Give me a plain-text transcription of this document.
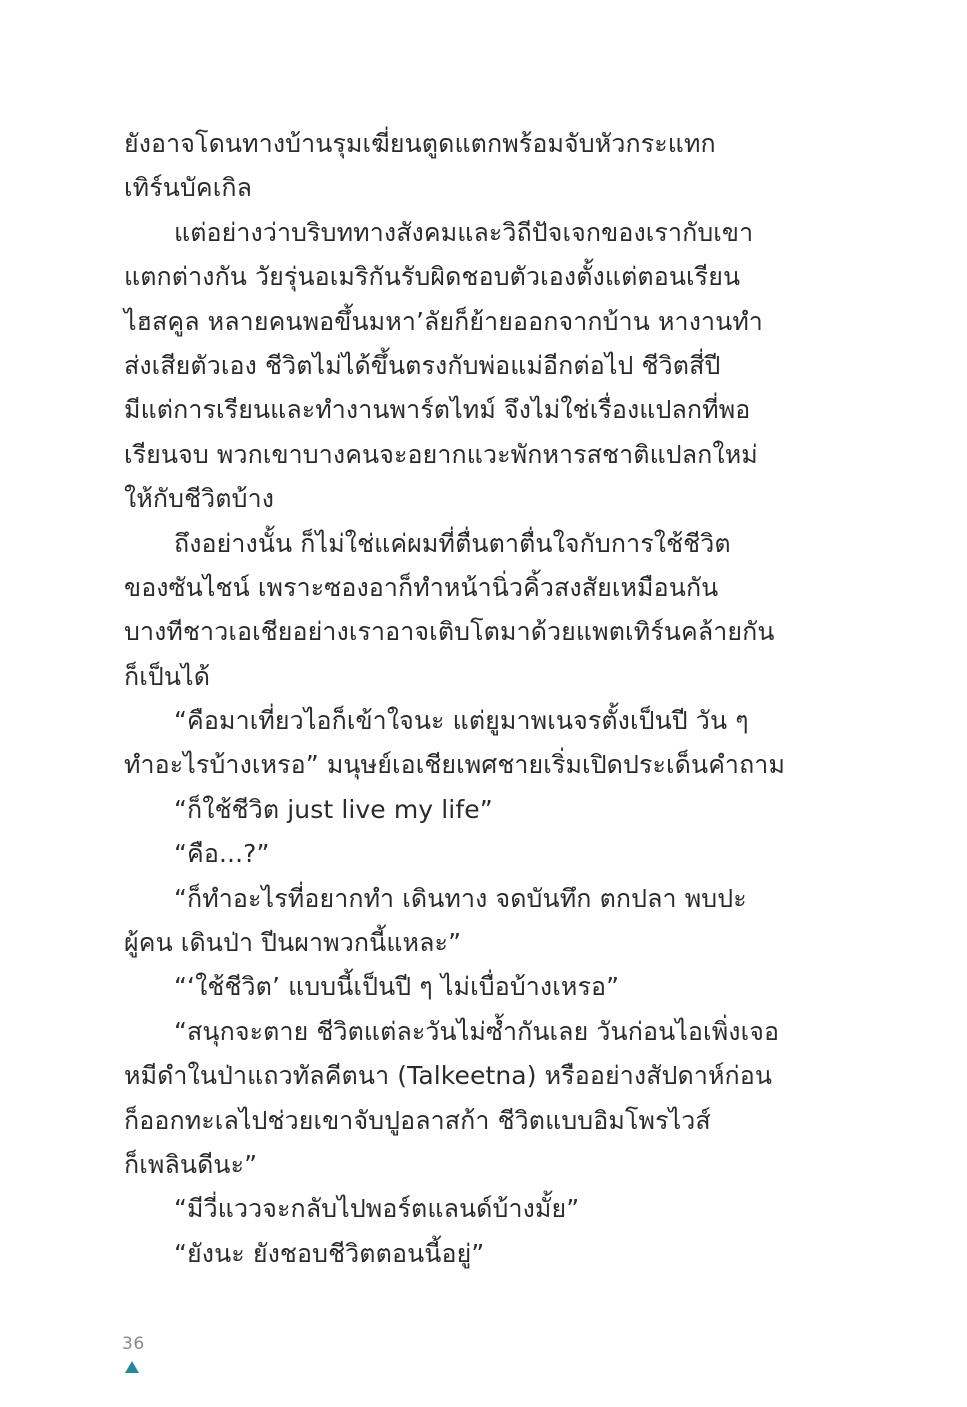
ยังอาจโดนทางบ้านรุมเฆี่ยนตูดแตกพร้อมจับหัวกระแทก
เทิร์นบัคเกิล
แต่อย่างว่าบริบททางสังคมและวิถีปัจเจกของเรากับเขา
แตกต่างกัน วัยรุ่นอเมริกันรับผิดชอบตัวเองตั้งแต่ตอนเรียน
ไฮสคูล หลายคนพอขึ้นมหา’ลัยก็ย้ายออกจากบ้าน หางานทำ
ส่งเสียตัวเอง ชีวิตไม่ได้ขึ้นตรงกับพ่อแม่อีกต่อไป ชีวิตสี่ปี
มีแต่การเรียนและทำงานพาร์ตไทม์ จึงไม่ใช่เรื่องแปลกที่พอ
เรียนจบ พวกเขาบางคนจะอยากแวะพักหารสชาติแปลกใหม่
ให้กับชีวิตบ้าง
ถึงอย่างนั้น ก็ไม่ใช่แค่ผมที่ตื่นตาตื่นใจกับการใช้ชีวิต
ของซันไชน์ เพราะซองอาก็ทำหน้านิ่วคิ้วสงสัยเหมือนกัน
บางทีชาวเอเชียอย่างเราอาจเติบโตมาด้วยแพตเทิร์นคล้ายกัน
ก็เป็นได้
“คือมาเที่ยวไอก็เข้าใจนะ แต่ยูมาพเนจรตั้งเป็นปี วัน ๆ
ทำอะไรบ้างเหรอ” มนุษย์เอเชียเพศชายเริ่มเปิดประเด็นคำถาม
“ก็ใช้ชีวิต just live my life”
“คือ...?”
“ก็ทำอะไรที่อยากทำ เดินทาง จดบันทึก ตกปลา พบปะ
ผู้คน เดินป่า ปีนผาพวกนี้แหละ”
“‘ใช้ชีวิต’ แบบนี้เป็นปี ๆ ไม่เบื่อบ้างเหรอ”
“สนุกจะตาย ชีวิตแต่ละวันไม่ซ้ำกันเลย วันก่อนไอเพิ่งเจอ
หมีดำในป่าแถวทัลคีตนา (Talkeetna) หรืออย่างสัปดาห์ก่อน
ก็ออกทะเลไปช่วยเขาจับปูอลาสก้า ชีวิตแบบอิมโพรไวส์
ก็เพลินดีนะ”
“มีวี่แววจะกลับไปพอร์ตแลนด์บ้างมั้ย”
“ยังนะ ยังชอบชีวิตตอนนี้อยู่”
36
